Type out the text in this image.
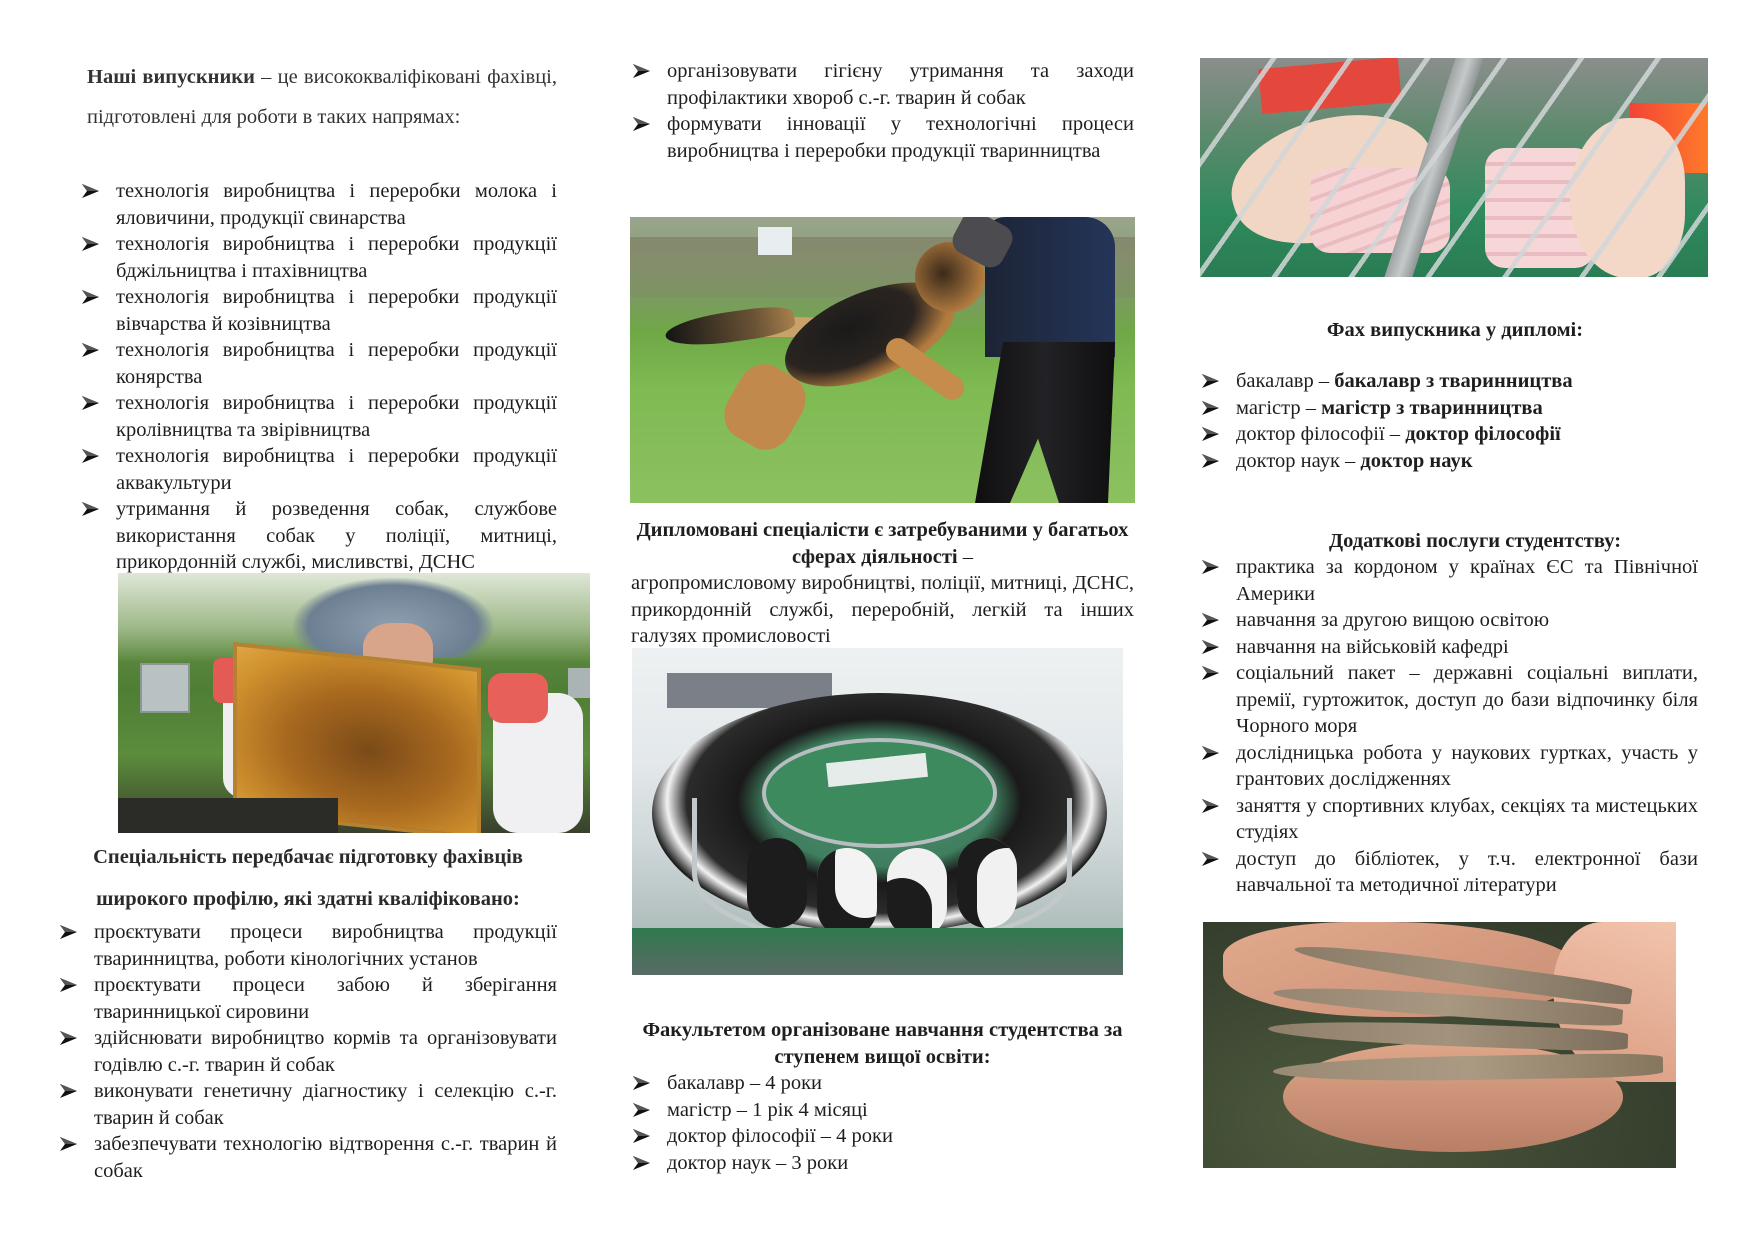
Наші випускники – це висококваліфіковані фахівці, підготовлені для роботи в таких напрямах:
технологія виробництва і переробки молока і яловичини, продукції свинарства
технологія виробництва і переробки продукції бджільництва і птахівництва
технологія виробництва і переробки продукції вівчарства й козівництва
технологія виробництва і переробки продукції конярства
технологія виробництва і переробки продукції кролівництва та звірівництва
технологія виробництва і переробки продукції аквакультури
утримання й розведення собак, службове використання собак у поліції, митниці, прикордонній службі, мисливстві, ДСНС
Спеціальність передбачає підготовку фахівців широкого профілю, які здатні кваліфіковано:
проєктувати процеси виробництва продукції тваринництва, роботи кінологічних установ
проєктувати процеси забою й зберігання тваринницької сировини
здійснювати виробництво кормів та організовувати годівлю с.-г. тварин й собак
виконувати генетичну діагностику і селекцію с.-г. тварин й собак
забезпечувати технологію відтворення с.-г. тварин й собак
організовувати гігієну утримання та заходи профілактики хвороб с.-г. тварин й собак
формувати інновації у технологічні процеси виробництва і переробки продукції тваринництва
Дипломовані спеціалісти є затребуваними у багатьох сферах діяльності –
агропромисловому виробництві, поліції, митниці, ДСНС, прикордонній службі, переробній, легкій та інших галузях промисловості
Факультетом організоване навчання студентства за ступенем вищої освіти:
бакалавр – 4 роки
магістр – 1 рік 4 місяці
доктор філософії – 4 роки
доктор наук – 3 роки
Фах випускника у дипломі:
бакалавр – бакалавр з тваринництва
магістр – магістр з тваринництва
доктор філософії – доктор філософії
доктор наук – доктор наук
Додаткові послуги студентству:
практика за кордоном у країнах ЄС та Північної Америки
навчання за другою вищою освітою
навчання на військовій кафедрі
соціальний пакет – державні соціальні виплати, премії, гуртожиток, доступ до бази відпочинку біля Чорного моря
дослідницька робота у наукових гуртках, участь у грантових дослідженнях
заняття у спортивних клубах, секціях та мистецьких студіях
доступ до бібліотек, у т.ч. електронної бази навчальної та методичної літератури
